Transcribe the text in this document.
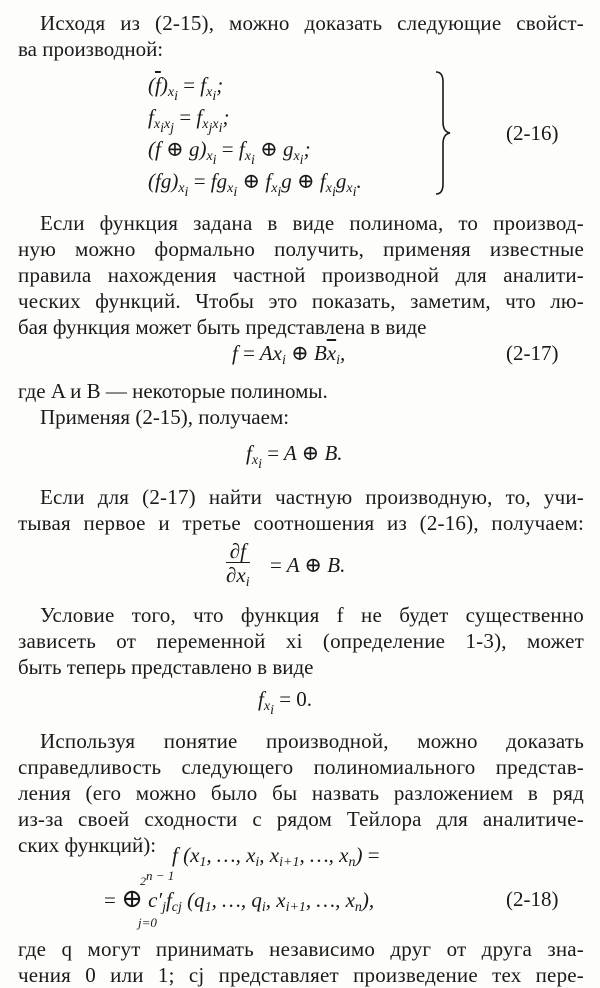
Исходя из (2-15), можно доказать следующие свойст-
ва производной:
$(\overline{f})_{x_i} = f_{x_i}$;
$f_{x_ix_j} = f_{x_jx_i}$;
(f ⊕ $g)_{x_i} = f_{x_i}$ ⊕ $g_{x_i}$;
$(fg)_{x_i} = fg_{x_i}$ ⊕ $f_{x_i}g$ ⊕ $f_{x_i}g_{x_i}$.
(2-16)
Если функция задана в виде полинома, то производ-
ную можно формально получить, применяя известные
правила нахождения частной производной для аналити-
ческих функций. Чтобы это показать, заметим, что лю-
бая функция может быть представлена в виде
$f = Ax_i$ ⊕ $B\overline{x}_i$,	(2-17)
где A и B — некоторые полиномы.
Применяя (2-15), получаем:
$f_{x_i} = A$ ⊕ B.
Если для (2-17) найти частную производную, то, учи-
тывая первое и третье соотношения из (2-16), получаем:
$\frac{\partial f}{\partial x_i} = A$ ⊕ B.
Условие того, что функция f не будет существенно
зависеть от переменной xi (определение 1-3), может
быть теперь представлено в виде
$f_{x_i} = 0$.
Используя понятие производной, можно доказать
справедливость следующего полиномиального представ-
ления (его можно было бы назвать разложением в ряд
из-за своей сходности с рядом Тейлора для аналитиче-
ских функций): f ($x_1$, …, $x_i$, $x_{i+1}$, …, $x_n$) =
$2^{n - 1}$
= ⊕ $c'_jf_{cj}$ ($q_1$, …, $q_i$, $x_{i+1}$, …, $x_n$),
j=0
(2-18)
где q могут принимать независимо друг от друга зна-
чения 0 или 1; cj представляет произведение тех пере-
